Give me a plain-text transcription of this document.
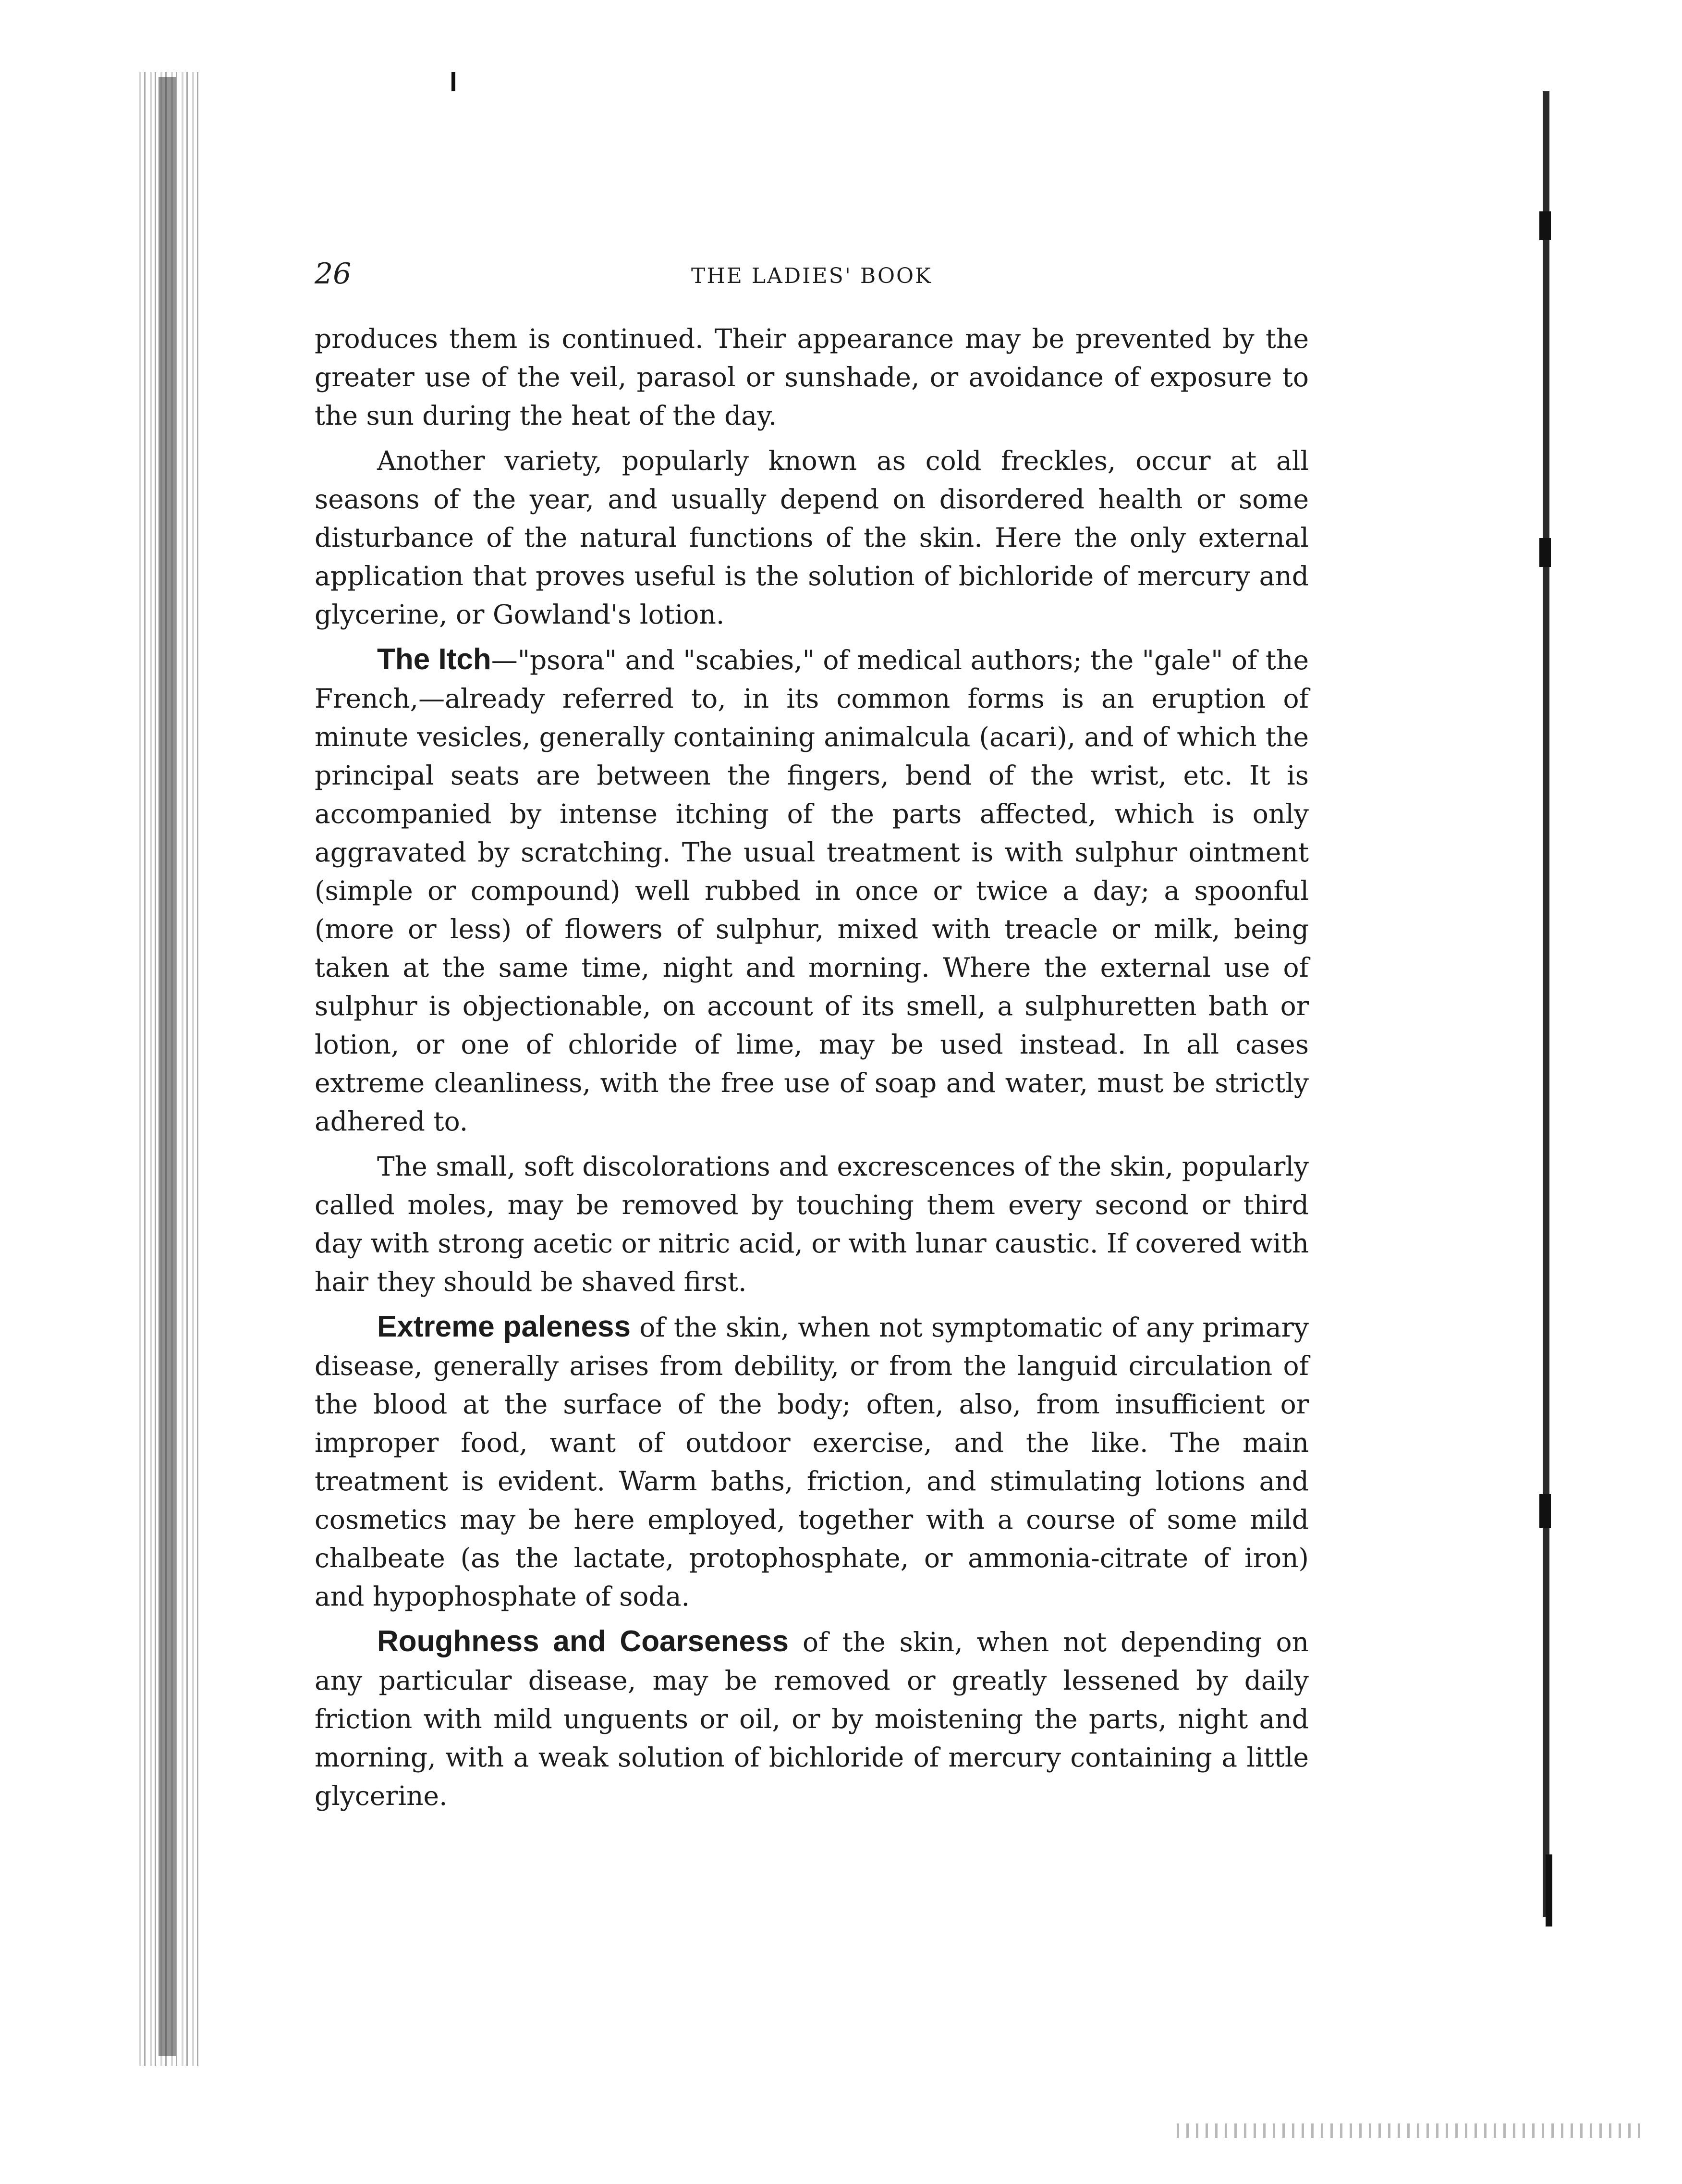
26	THE LADIES' BOOK

produces them is continued. Their appearance may be prevented by the greater use of the veil, parasol or sunshade, or avoidance of exposure to the sun during the heat of the day.

Another variety, popularly known as cold freckles, occur at all seasons of the year, and usually depend on disordered health or some disturbance of the natural functions of the skin. Here the only external application that proves useful is the solution of bichloride of mercury and glycerine, or Gowland's lotion.

The Itch—"psora" and "scabies," of medical authors; the "gale" of the French,—already referred to, in its common forms is an eruption of minute vesicles, generally containing animalcula (acari), and of which the principal seats are between the fingers, bend of the wrist, etc. It is accompanied by intense itching of the parts affected, which is only aggravated by scratching. The usual treatment is with sulphur ointment (simple or compound) well rubbed in once or twice a day; a spoonful (more or less) of flowers of sulphur, mixed with treacle or milk, being taken at the same time, night and morning. Where the external use of sulphur is objectionable, on account of its smell, a sulphuretten bath or lotion, or one of chloride of lime, may be used instead. In all cases extreme cleanliness, with the free use of soap and water, must be strictly adhered to.

The small, soft discolorations and excrescences of the skin, popularly called moles, may be removed by touching them every second or third day with strong acetic or nitric acid, or with lunar caustic. If covered with hair they should be shaved first.

Extreme paleness of the skin, when not symptomatic of any primary disease, generally arises from debility, or from the languid circulation of the blood at the surface of the body; often, also, from insufficient or improper food, want of outdoor exercise, and the like. The main treatment is evident. Warm baths, friction, and stimulating lotions and cosmetics may be here employed, together with a course of some mild chalbeate (as the lactate, protophosphate, or ammonia-citrate of iron) and hypophosphate of soda.

Roughness and Coarseness of the skin, when not depending on any particular disease, may be removed or greatly lessened by daily friction with mild unguents or oil, or by moistening the parts, night and morning, with a weak solution of bichloride of mercury containing a little glycerine.
